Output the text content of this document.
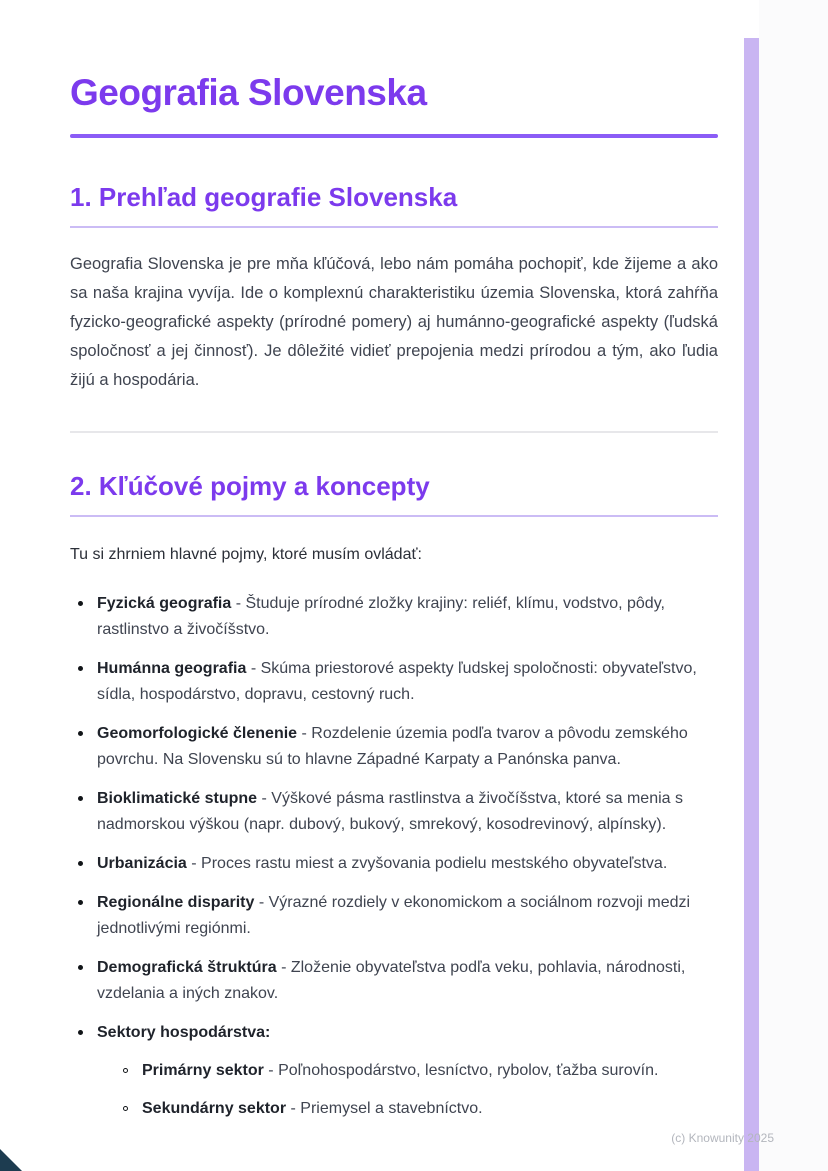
Geografia Slovenska
1. Prehľad geografie Slovenska

Geografia Slovenska je pre mňa kľúčová, lebo nám pomáha pochopiť, kde žijeme a ako sa naša krajina vyvíja. Ide o komplexnú charakteristiku územia Slovenska, ktorá zahŕňa fyzicko-geografické aspekty (prírodné pomery) aj humánno-geografické aspekty (ľudská spoločnosť a jej činnosť). Je dôležité vidieť prepojenia medzi prírodou a tým, ako ľudia žijú a hospodária.

2. Kľúčové pojmy a koncepty

Tu si zhrniem hlavné pojmy, ktoré musím ovládať:

Fyzická geografia - Študuje prírodné zložky krajiny: reliéf, klímu, vodstvo, pôdy, rastlinstvo a živočíšstvo.

Humánna geografia - Skúma priestorové aspekty ľudskej spoločnosti: obyvateľstvo, sídla, hospodárstvo, dopravu, cestovný ruch.

Geomorfologické členenie - Rozdelenie územia podľa tvarov a pôvodu zemského povrchu. Na Slovensku sú to hlavne Západné Karpaty a Panónska panva.

Bioklimatické stupne - Výškové pásma rastlinstva a živočíšstva, ktoré sa menia s nadmorskou výškou (napr. dubový, bukový, smrekový, kosodrevinový, alpínsky).

Urbanizácia - Proces rastu miest a zvyšovania podielu mestského obyvateľstva.

Regionálne disparity - Výrazné rozdiely v ekonomickom a sociálnom rozvoji medzi jednotlivými regiónmi.

Demografická štruktúra - Zloženie obyvateľstva podľa veku, pohlavia, národnosti, vzdelania a iných znakov.

Sektory hospodárstva:

Primárny sektor - Poľnohospodárstvo, lesníctvo, rybolov, ťažba surovín.

Sekundárny sektor - Priemysel a stavebníctvo.

(c) Knowunity 2025
